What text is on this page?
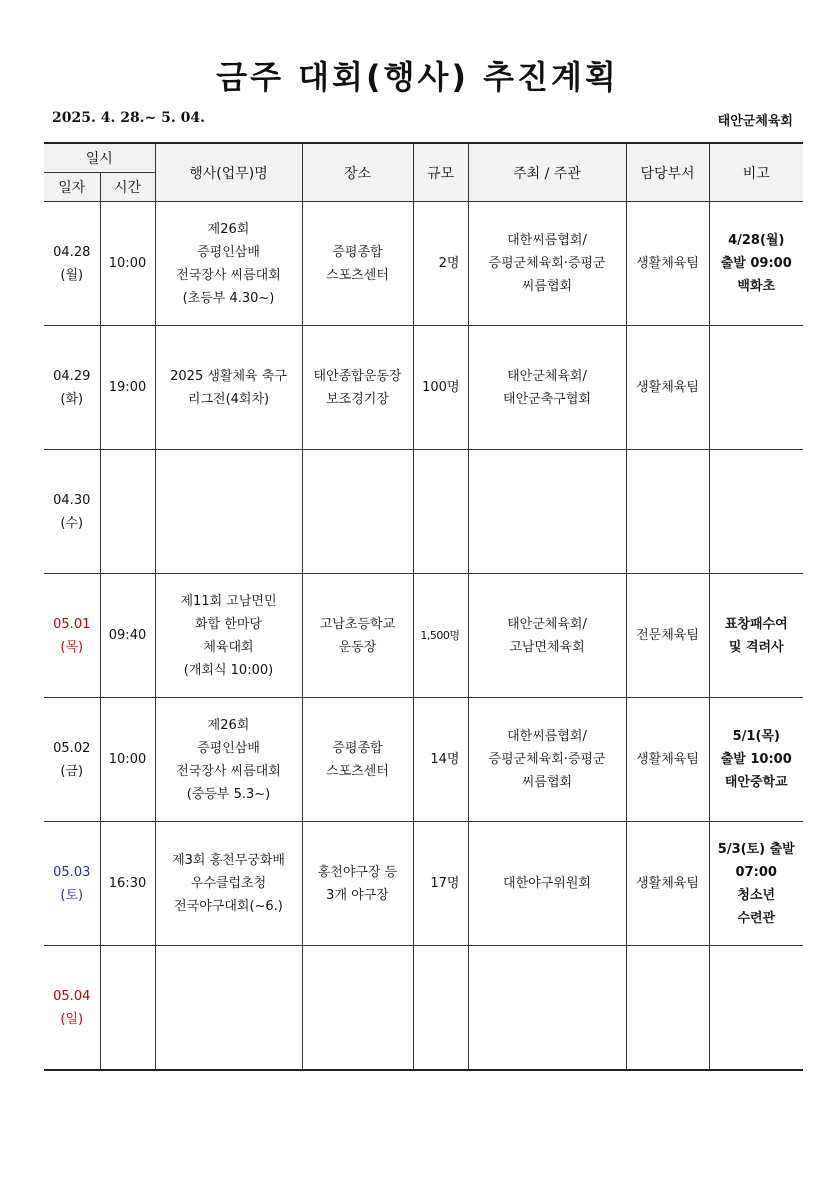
금주 대회(행사) 추진계획
2025. 4. 28.~ 5. 04.	태안군체육회
일시		행사(업무)명	장소	규모	주최 / 주관	담당부서	비고
일자	시간						

04.28
(월)	10:00	제26회
증평인삼배
전국장사 씨름대회
(초등부 4.30~)	증평종합
스포츠센터	2명	대한씨름협회/
증평군체육회·증평군
씨름협회	생활체육팀	4/28(월)
출발 09:00
백화초

04.29
(화)	19:00	2025 생활체육 축구
리그전(4회차)	태안종합운동장
보조경기장	100명	태안군체육회/
태안군축구협회	생활체육팀	

04.30
(수)							

05.01
(목)	09:40	제11회 고남면민
화합 한마당
체육대회
(개회식 10:00)	고남초등학교
운동장	1,500명	태안군체육회/
고남면체육회	전문체육팀	표창패수여
및 격려사

05.02
(금)	10:00	제26회
증평인삼배
전국장사 씨름대회
(중등부 5.3~)	증평종합
스포츠센터	14명	대한씨름협회/
증평군체육회·증평군
씨름협회	생활체육팀	5/1(목)
출발 10:00
태안중학교

05.03
(토)	16:30	제3회 홍천무궁화배
우수클럽초청
전국야구대회(~6.)	홍천야구장 등
3개 야구장	17명	대한야구위원회	생활체육팀	5/3(토) 출발
07:00
청소년
수련관

05.04
(일)							
